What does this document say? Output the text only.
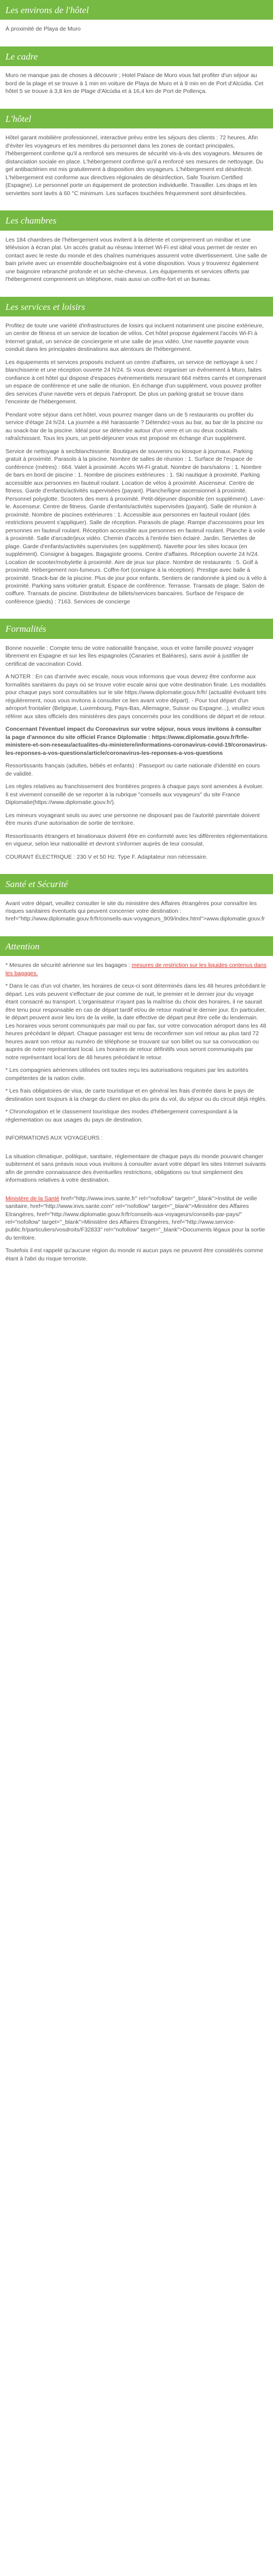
Les environs de l'hôtel

À proximité de Playa de Muro

Le cadre

Muro ne manque pas de choses à découvrir ; Hotel Palace de Muro vous fait profiter d'un séjour au bord de la plage et se trouve à 1 min en voiture de Playa de Muro et à 9 min en de Port d'Alcúdia. Cet hôtel 5 se trouve à 3,8 km de Plage d'Alcúdia et à 16,4 km de Port de Pollença.

L'hôtel

Hôtel garant mobilière professionnel, interactive prévu entre les séjours des clients : 72 heures. Afin d'éviter les voyageurs et les membres du personnel dans les zones de contact principales, l'hébergement confirme qu'il a renforcé ses mesures de sécurité vis-à-vis des voyageurs. Mesures de distanciation sociale en place. L'hébergement confirme qu'il a renforcé ses mesures de nettoyage. Du gel antibactérien est mis gratuitement à disposition des voyageurs. L'hébergement est désinfecté. L'hébergement est conforme aux directives régionales de désinfection, Safe Tourism Certified (Espagne). Le personnel porte un équipement de protection individuelle. Travailler. Les draps et les serviettes sont lavés à 60 °C minimum. Les surfaces touchées fréquemment sont désinfectées.

Les chambres

Les 184 chambres de l'hébergement vous invitent à la détente et comprennent un minibar et une télévision à écran plat. Un accès gratuit au réseau Internet Wi-Fi est idéal vous permet de rester en contact avec le reste du monde et des chaînes numériques assurent votre divertissement. Une salle de bain privée avec un ensemble douche/baignoire est à votre disposition. Vous y trouverez également une baignoire rebranché profonde et un sèche-cheveux. Les équipements et services offerts par l'hébergement comprennent un téléphone, mais aussi un coffre-fort et un bureau.

Les services et loisirs

Profitez de toute une variété d'infrastructures de loisirs qui incluent notamment une piscine extérieure, un centre de fitness et un service de location de vélos. Cet hôtel propose également l'accès Wi-Fi à Internet gratuit, un service de conciergerie et une salle de jeux vidéo. Une navette payante vous conduit dans les principales destinations aux alentours de l'hébergement.

Les équipements et services proposés incluent un centre d'affaires, un service de nettoyage à sec / blanchisserie et une réception ouverte 24 h/24. Si vous devez organiser un événement à Muro, faites confiance à cet hôtel qui dispose d'espaces événementiels mesurant 664 mètres carrés et comprenant un espace de conférence et une salle de réunion. En échange d'un supplément, vous pouvez profiter des services d'une navette vers et depuis l'aéroport. De plus un parking gratuit se trouve dans l'enceinte de l'hébergement.

Pendant votre séjour dans cet hôtel, vous pourrez manger dans un de 5 restaurants ou profiter du service d'étage 24 h/24. La journée a été harassante ? Détendez-vous au bar, au bar de la piscine ou au snack-bar de la piscine. Idéal pour se détendre autour d'un verre et un ou deux cocktails rafraîchissant. Tous les jours, un petit-déjeuner vous est proposé en échange d'un supplément.

Service de nettoyage à sec/blanchisserie. Boutiques de souvenirs ou kiosque à journaux. Parking gratuit à proximité. Parasols à la piscine. Nombre de salles de réunion : 1. Surface de l'espace de conférence (mètres) : 664. Valet à proximité. Accès Wi-Fi gratuit. Nombre de bars/salons : 1. Nombre de bars en bord de piscine : 1. Nombre de piscines extérieures : 1. Ski nautique à proximité. Parking accessible aux personnes en fauteuil roulant. Location de vélos à proximité. Ascenseur. Centre de fitness. Garde d'enfants/activités supervisées (payant). Planche/ligne ascensionnel à proximité. Personnel polyglotte. Scooters des mers à proximité. Petit-déjeuner disponible (en supplément). Lave-le. Ascenseur. Centre de fitness. Garde d'enfants/activités supervisées (payant). Salle de réunion à proximité. Nombre de piscines extérieures : 1. Accessible aux personnes en fauteuil roulant (dès restrictions peuvent s'appliquer). Salle de réception. Parasols de plage. Rampe d'accessoires pour les personnes en fauteuil roulant. Réception accessible aux personnes en fauteuil roulant. Planche à voile à proximité. Salle d'arcade/jeux vidéo. Chemin d'accès à l'entrée bien éclairé. Jardin. Serviettes de plage. Garde d'enfants/activités supervisées (en supplément). Navette pour les sites locaux (en supplément). Consigne à bagages. Bagagiste grooms. Centre d'affaires. Réception ouverte 24 h/24. Location de scooter/mobylette à proximité. Aire de jeux sur place. Nombre de restaurants : 5. Golf à proximité. Hébergement non-fumeurs. Coffre-fort (consigne à la réception). Prestige avec balle à proximité. Snack-bar de la piscine. Plus de jour pour enfants. Sentiers de randonnée à pied ou à vélo à proximité. Parking sans voiturier gratuit. Espace de conférence. Terrasse. Transats de plage. Salon de coiffure. Transats de piscine. Distributeur de billets/services bancaires. Surface de l'espace de conférence (pieds) : 7163. Services de concierge

Formalités

Bonne nouvelle : Compte tenu de votre nationalité française, vous et votre famille pouvez voyager librement en Espagne et sur les îles espagnoles (Canaries et Baléares), sans avoir à justifier de certificat de vaccination Covid.

A NOTER : En cas d'arrivée avec escale, nous vous informons que vous devrez être conforme aux formalités sanitaires du pays où se trouve votre escale ainsi que votre destination finale. Les modalités pour chaque pays sont consultables sur le site https://www.diplomatie.gouv.fr/fr/ (actualité évoluant très régulièrement, nous vous invitons à consulter ce lien avant votre départ). - Pour tout départ d'un aéroport frontalier (Belgique, Luxembourg, Pays-Bas, Allemagne, Suisse ou Espagne...), veuillez vous référer aux sites officiels des ministères des pays concernés pour les conditions de départ et de retour.

Concernant l'éventuel impact du Coronavirus sur votre séjour, nous vous invitons à consulter la page d'annonce du site officiel France Diplomatie : https://www.diplomatie.gouv.fr/fr/le-ministere-et-son-reseau/actualites-du-ministere/informations-coronavirus-covid-19/coronavirus-les-reponses-a-vos-questions/article/coronavirus-les-reponses-a-vos-questions

Ressortissants français (adultes, bébés et enfants) : Passeport ou carte nationale d'identité en cours de validité.

Les règles relatives au franchissement des frontières propres à chaque pays sont amenées à évoluer. Il est vivement conseillé de se reporter à la rubrique "conseils aux voyageurs" du site France Diplomatie(https://www.diplomatie.gouv.fr/).

Les mineurs voyageant seuls ou avec une personne ne disposant pas de l'autorité parentale doivent être munis d'une autorisation de sortie de territoire.

Ressortissants étrangers et binationaux doivent être en conformité avec les différentes réglementations en vigueur, selon leur nationalité et devront s'informer auprès de leur consulat.

COURANT ÉLECTRIQUE : 230 V et 50 Hz. Type F. Adaptateur non nécessaire.

Santé et Sécurité

Avant votre départ, veuillez consulter le site du ministère des Affaires étrangères pour connaître les risques sanitaires éventuels qui peuvent concerner votre destination : href="http://www.diplomatie.gouv.fr/fr/conseils-aux-voyageurs_909/index.html">www.diplomatie.gouv.fr

Attention

* Mesures de sécurité aérienne sur les bagages : mesures de restriction sur les liquides contenus dans les bagages.

* Dans le cas d'un vol charter, les horaires de ceux-ci sont déterminés dans les 48 heures précédant le départ. Les vols peuvent s'effectuer de jour comme de nuit, le premier et le dernier jour du voyage étant consacré au transport. L'organisateur n'ayant pas la maîtrise du choix des horaires, il ne saurait être tenu pour responsable en cas de départ tardif et/ou de retour matinal le dernier jour. En particulier, le départ peuvent avoir lieu lors de la veille, la date effective de départ peut être celle du lendemain. Les horaires vous seront communiqués par mail ou par fax, sur votre convocation aéroport dans les 48 heures précédant le départ. Chaque passager est tenu de reconfirmer son vol retour au plus tard 72 heures avant son retour au numéro de téléphone se trouvant sur son billet ou sur sa convocation ou auprès de notre représentant local. Les horaires de retour définitifs vous seront communiqués par notre représentant local lors de 48 heures précédant le retour.

* Les compagnies aériennes utilisées ont toutes reçu les autorisations requises par les autorités compétentes de la nation civile.

* Les frais obligatoires de visa, de carte touristique et en général les frais d'entrée dans le pays de destination sont toujours à la charge du client en plus du prix du vol, du séjour ou du circuit déjà réglés.

* Chronologation et le classement touristique des modes d'hébergement correspondant à la réglementation ou aux usages du pays de destination.

INFORMATIONS AUX VOYAGEURS :

La situation climatique, politique, sanitaire, réglementaire de chaque pays du monde pouvant changer subitement et sans préavis nous vous invitons à consulter avant votre départ les sites Internet suivants afin de prendre connaissance des éventuelles restrictions, obligations ou tout simplement des informations relatives à votre destination.

Ministère de la Santé href="http://www.invs.sante.fr" rel="nofollow" target="_blank">Institut de veille sanitaire, href="http://www.invs.sante.com" rel="nofollow" target="_blank">Ministère des Affaires Etrangères, href="http://www.diplomatie.gouv.fr/fr/conseils-aux-voyageurs/conseils-par-pays/" rel="nofollow" target="_blank">Ministère des Affaires Étrangères, href="http://www.service-public.fr/particuliers/vosdroits/F32833" rel="nofollow" target="_blank">Documents légaux pour la sortie du territoire.

Toutefois il est rappelé qu'aucune région du monde ni aucun pays ne peuvent être considérés comme étant à l'abri du risque terroriste.
